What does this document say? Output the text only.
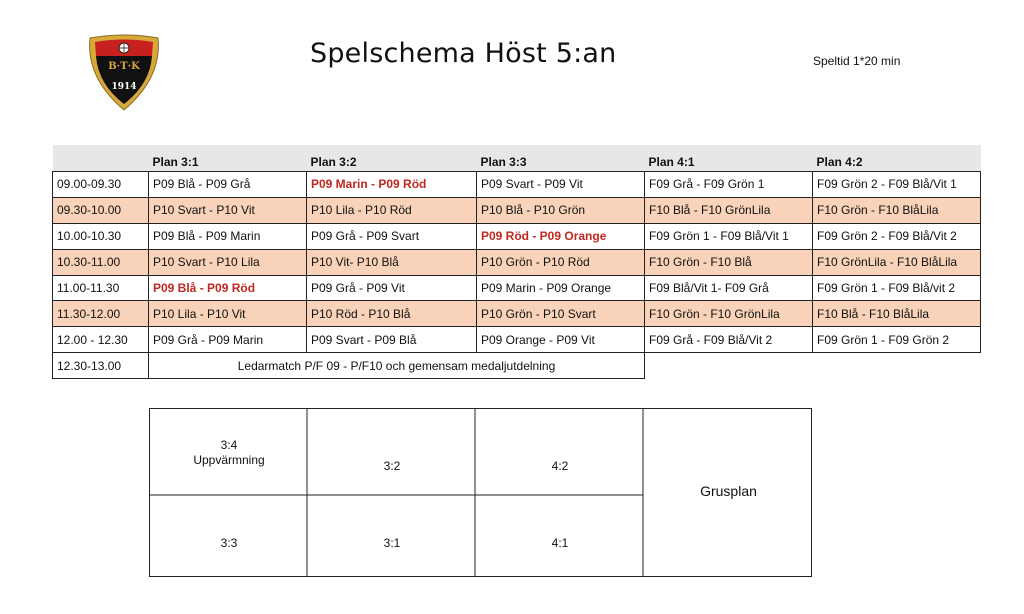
B·T·K
1914
Spelschema Höst 5:an	Speltid 1*20 min
	Plan 3:1	Plan 3:2	Plan 3:3	Plan 4:1	Plan 4:2
09.00-09.30	P09 Blå - P09 Grå	P09 Marin - P09 Röd	P09 Svart - P09 Vit	F09 Grå - F09 Grön 1	F09 Grön 2 - F09 Blå/Vit 1
09.30-10.00	P10 Svart - P10 Vit	P10 Lila - P10 Röd	P10 Blå - P10 Grön	F10 Blå - F10 GrönLila	F10 Grön - F10 BlåLila
10.00-10.30	P09 Blå - P09 Marin	P09 Grå - P09 Svart	P09 Röd - P09 Orange	F09 Grön 1 - F09 Blå/Vit 1	F09 Grön 2 - F09 Blå/Vit 2
10.30-11.00	P10 Svart - P10 Lila	P10 Vit- P10 Blå	P10 Grön - P10 Röd	F10 Grön - F10 Blå	F10 GrönLila - F10 BlåLila
11.00-11.30	P09 Blå - P09 Röd	P09 Grå - P09 Vit	P09 Marin - P09 Orange	F09 Blå/Vit 1- F09 Grå	F09 Grön 1 - F09 Blå/vit 2
11.30-12.00	P10 Lila - P10 Vit	P10 Röd - P10 Blå	P10 Grön - P10 Svart	F10 Grön - F10 GrönLila	F10 Blå - F10 BlåLila
12.00 - 12.30	P09 Grå - P09 Marin	P09 Svart - P09 Blå	P09 Orange - P09 Vit	F09 Grå - F09 Blå/Vit 2	F09 Grön 1 - F09 Grön 2
12.30-13.00	Ledarmatch P/F 09 - P/F10 och gemensam medaljutdelning				
3:4
Uppvärmning	3:2	4:2
3:3	3:1	4:1
Grusplan
